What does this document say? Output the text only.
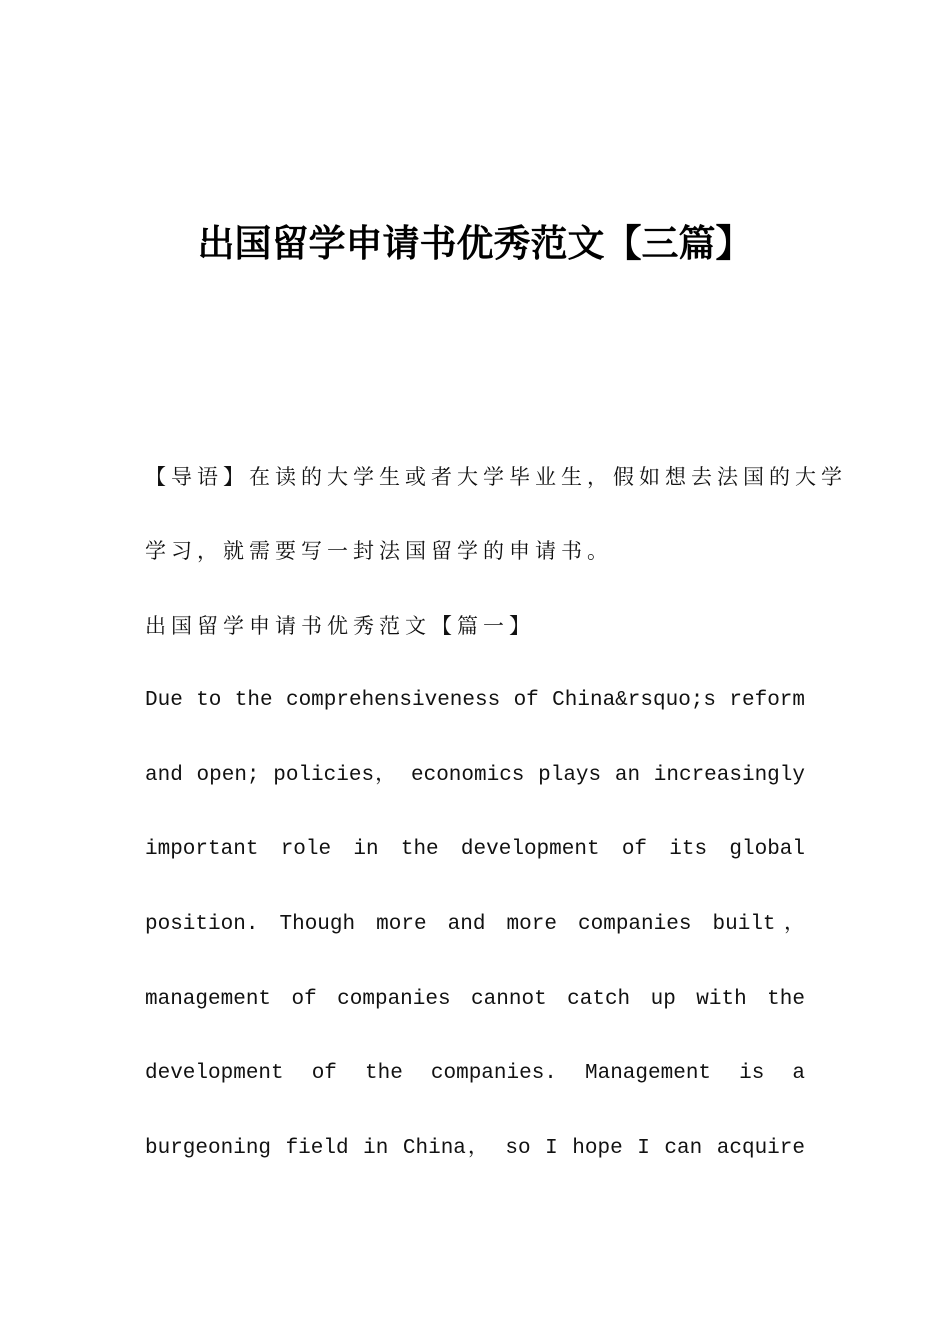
出国留学申请书优秀范文【三篇】
【导语】在读的大学生或者大学毕业生，假如想去法国的大学
学习，就需要写一封法国留学的申请书。
出国留学申请书优秀范文【篇一】
Due to the comprehensiveness of China&rsquo;s reform
and open; policies， economics plays an increasingly
important role in the development of its global
position. Though more and more companies built，
management of companies cannot catch up with the
development of the companies. Management is a
burgeoning field in China， so I hope I can acquire
